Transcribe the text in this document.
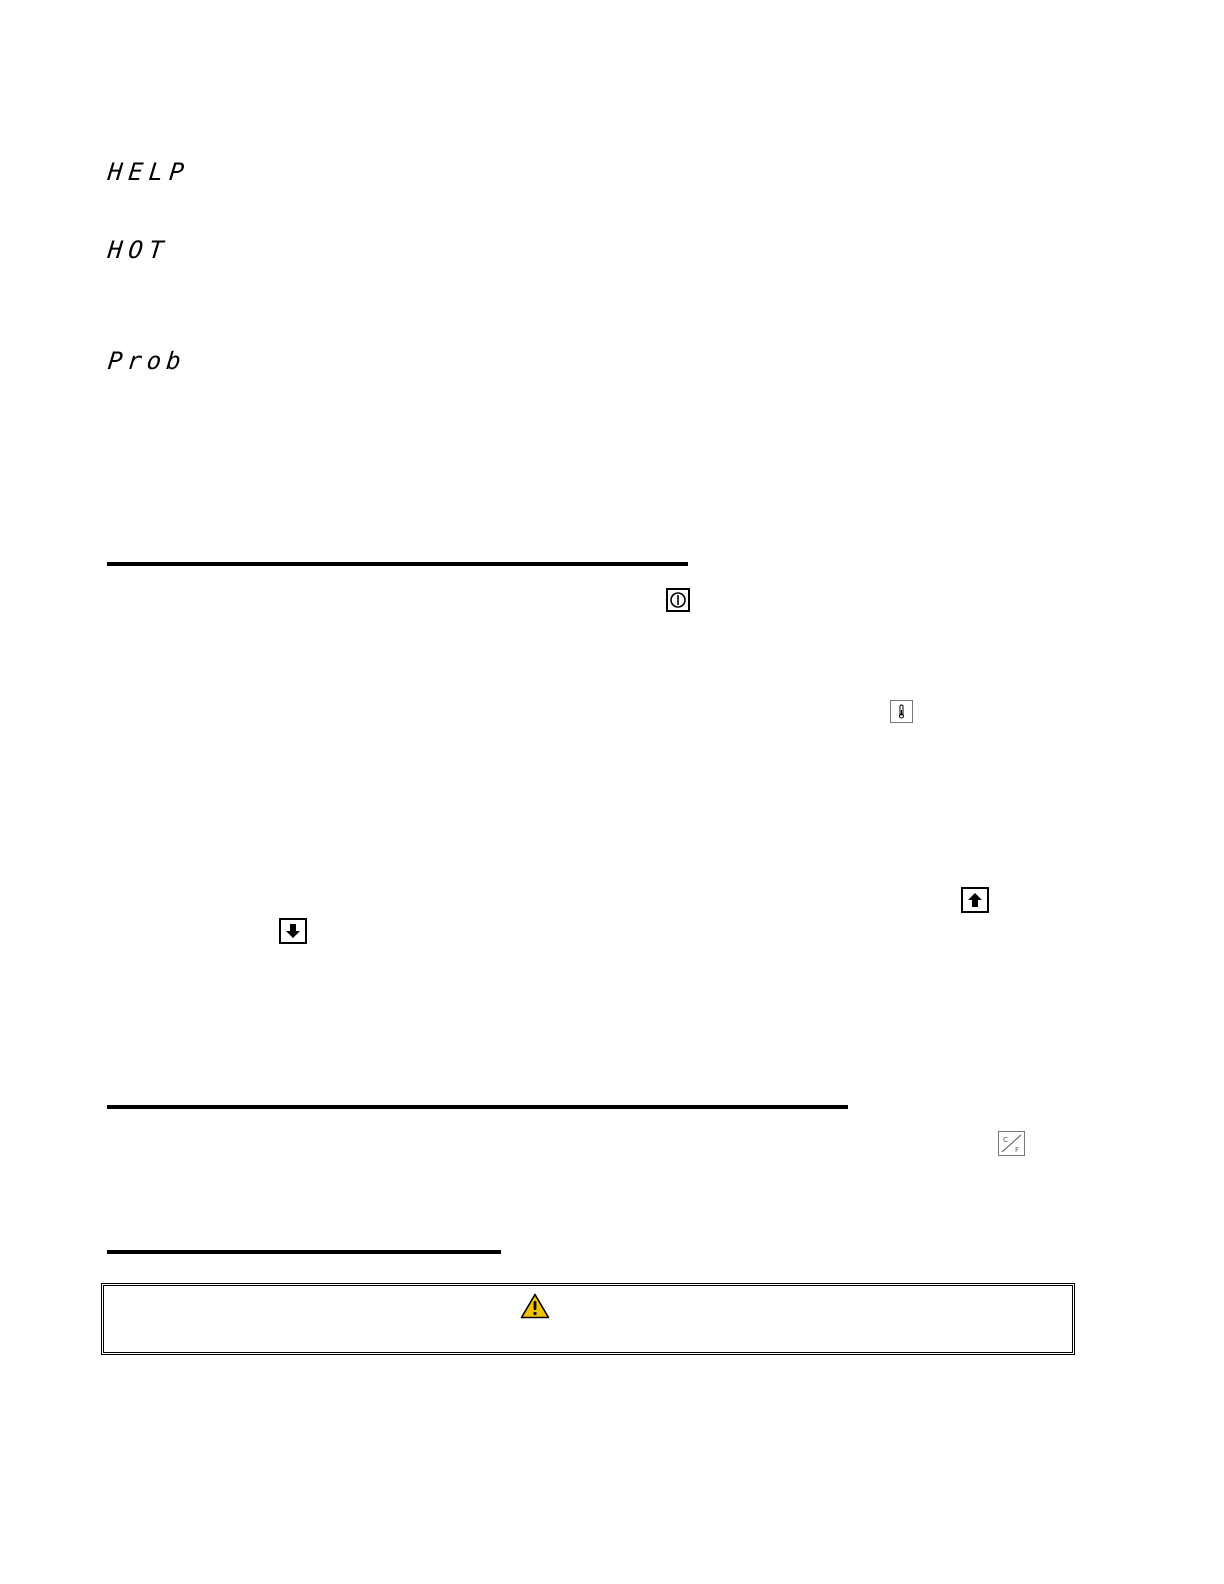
HELP
HOT
Prob
C
F
